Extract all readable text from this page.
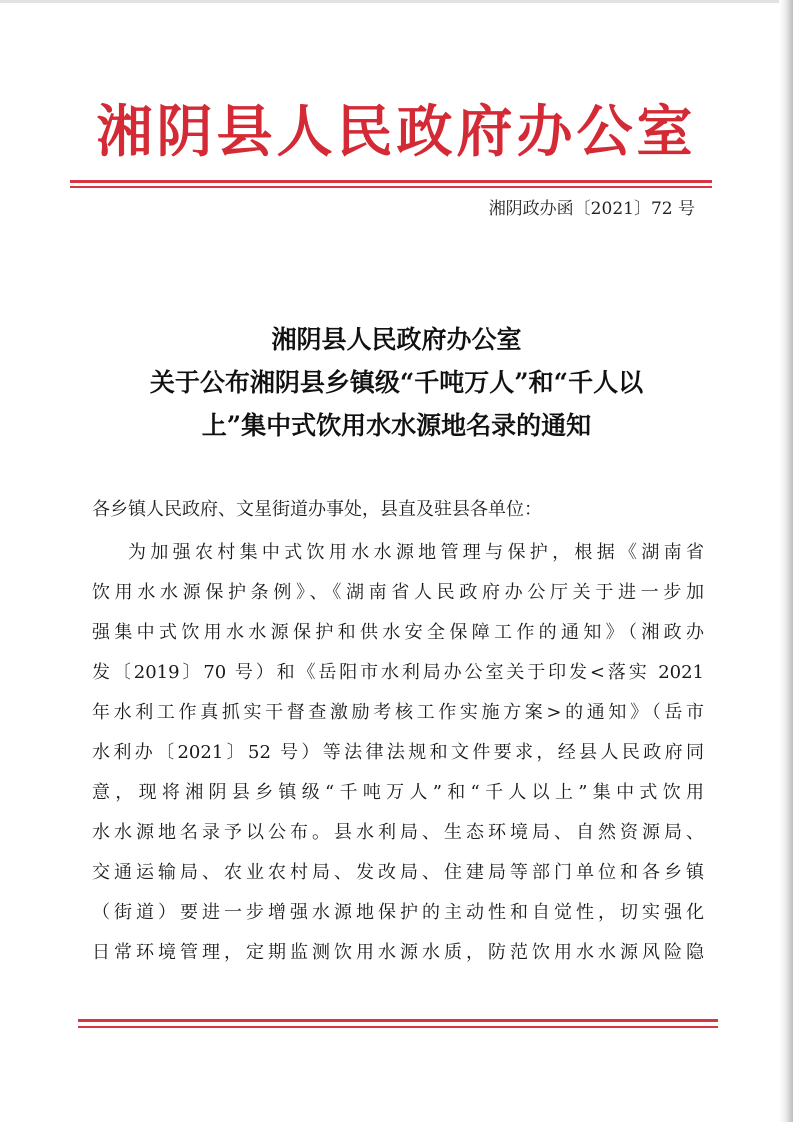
湘阴县人民政府办公室
湘阴政办函〔2021〕72 号
湘阴县人民政府办公室
关于公布湘阴县乡镇级“千吨万人”和“千人以
上”集中式饮用水水源地名录的通知
各乡镇人民政府、文星街道办事处，县直及驻县各单位：
为加强农村集中式饮用水水源地管理与保护，根据《湖南省
饮用水水源保护条例》、《湖南省人民政府办公厅关于进一步加
强集中式饮用水水源保护和供水安全保障工作的通知》（湘政办
发〔2019〕70 号）和《岳阳市水利局办公室关于印发<落实 2021
年水利工作真抓实干督查激励考核工作实施方案>的通知》（岳市
水利办〔2021〕52 号）等法律法规和文件要求，经县人民政府同
意，现将湘阴县乡镇级“千吨万人”和“千人以上”集中式饮用
水水源地名录予以公布。县水利局、生态环境局、自然资源局、
交通运输局、农业农村局、发改局、住建局等部门单位和各乡镇
（街道）要进一步增强水源地保护的主动性和自觉性，切实强化
日常环境管理，定期监测饮用水源水质，防范饮用水水源风险隐
